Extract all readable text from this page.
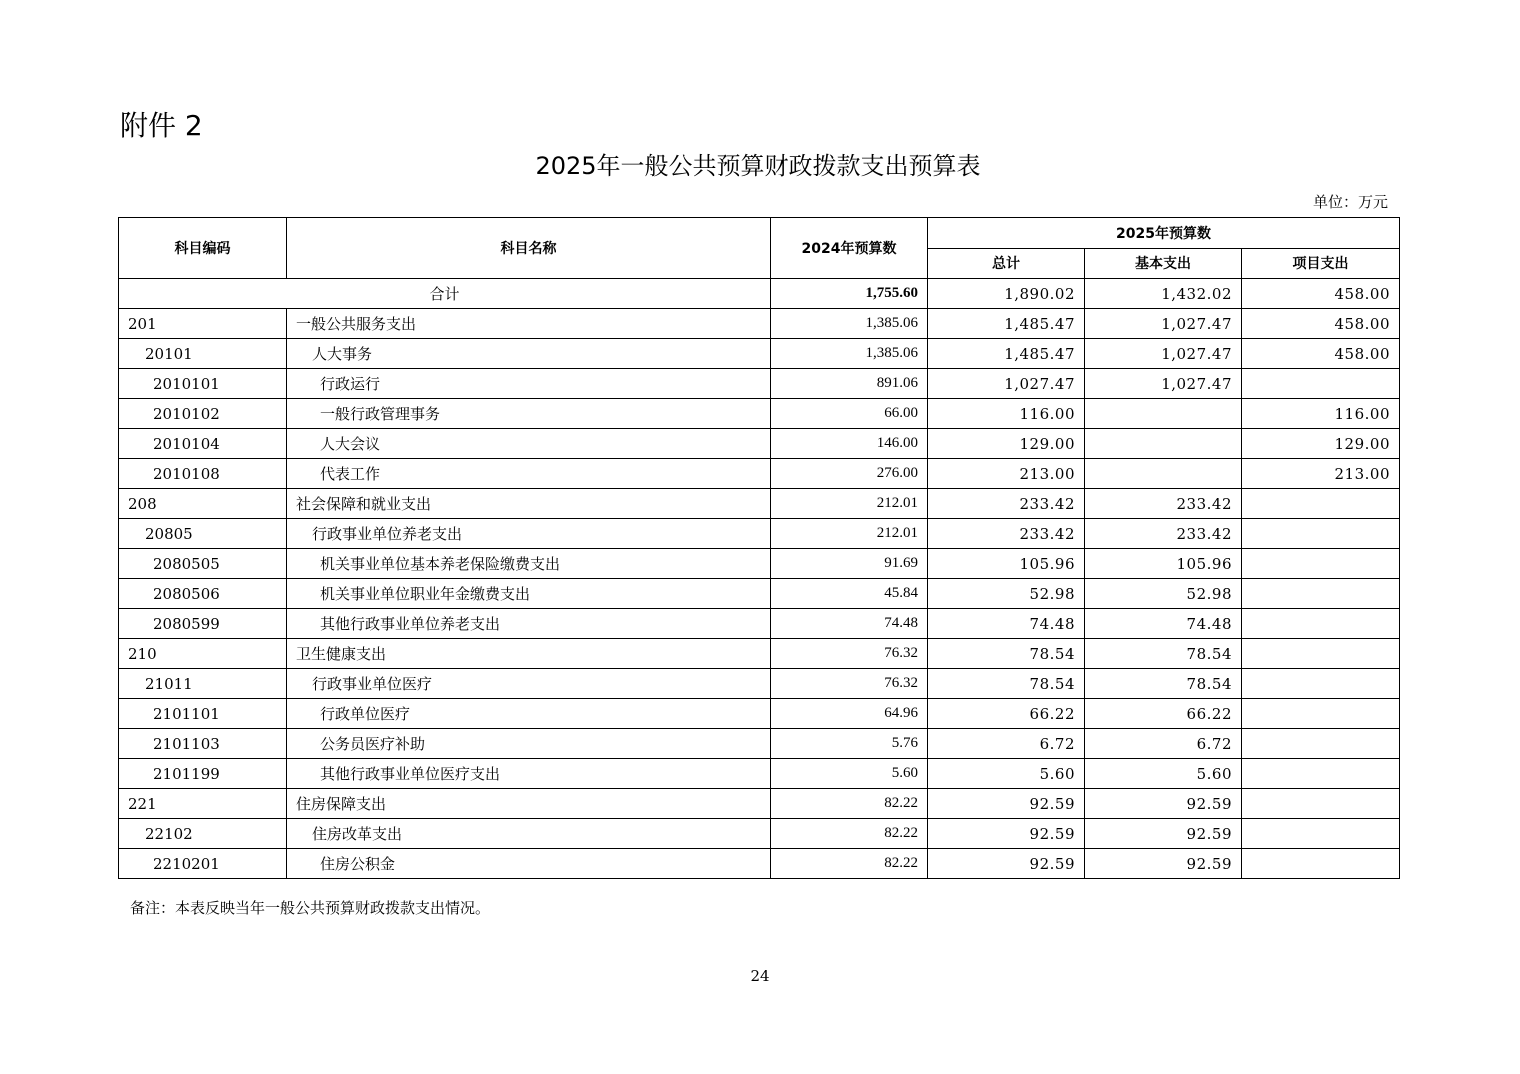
附件 2
2025年一般公共预算财政拨款支出预算表
单位：万元
科目编码	科目名称	2024年预算数	2025年预算数		
			总计	基本支出	项目支出
合计		1,755.60	1,890.02	1,432.02	458.00
201	一般公共服务支出	1,385.06	1,485.47	1,027.47	458.00
20101	人大事务	1,385.06	1,485.47	1,027.47	458.00
2010101	行政运行	891.06	1,027.47	1,027.47	
2010102	一般行政管理事务	66.00	116.00		116.00
2010104	人大会议	146.00	129.00		129.00
2010108	代表工作	276.00	213.00		213.00
208	社会保障和就业支出	212.01	233.42	233.42	
20805	行政事业单位养老支出	212.01	233.42	233.42	
2080505	机关事业单位基本养老保险缴费支出	91.69	105.96	105.96	
2080506	机关事业单位职业年金缴费支出	45.84	52.98	52.98	
2080599	其他行政事业单位养老支出	74.48	74.48	74.48	
210	卫生健康支出	76.32	78.54	78.54	
21011	行政事业单位医疗	76.32	78.54	78.54	
2101101	行政单位医疗	64.96	66.22	66.22	
2101103	公务员医疗补助	5.76	6.72	6.72	
2101199	其他行政事业单位医疗支出	5.60	5.60	5.60	
221	住房保障支出	82.22	92.59	92.59	
22102	住房改革支出	82.22	92.59	92.59	
2210201	住房公积金	82.22	92.59	92.59	
备注：本表反映当年一般公共预算财政拨款支出情况。
24
